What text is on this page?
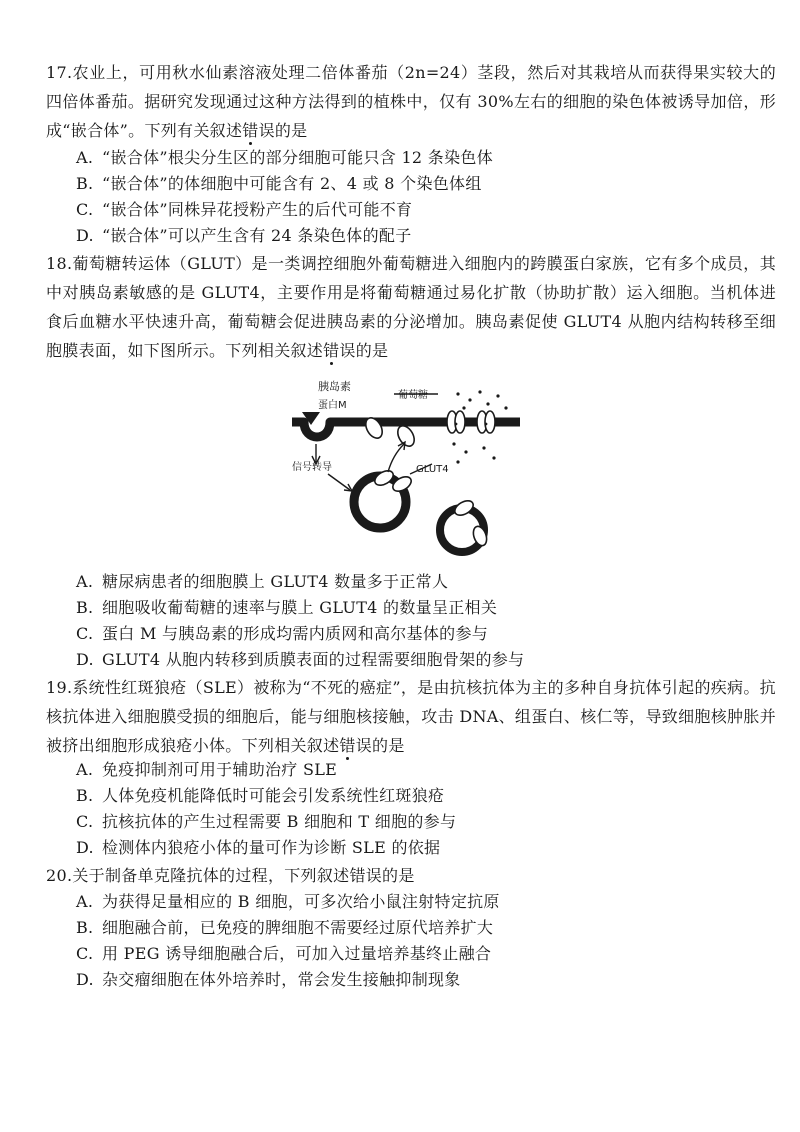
17.农业上，可用秋水仙素溶液处理二倍体番茄（2n=24）茎段，然后对其栽培从而获得果实较大的四倍体番茄。据研究发现通过这种方法得到的植株中，仅有 30%左右的细胞的染色体被诱导加倍，形成“嵌合体”。下列有关叙述错误的是
A. “嵌合体”根尖分生区的部分细胞可能只含 12 条染色体
B. “嵌合体”的体细胞中可能含有 2、4 或 8 个染色体组
C. “嵌合体”同株异花授粉产生的后代可能不育
D. “嵌合体”可以产生含有 24 条染色体的配子
18.葡萄糖转运体（GLUT）是一类调控细胞外葡萄糖进入细胞内的跨膜蛋白家族，它有多个成员，其中对胰岛素敏感的是 GLUT4，主要作用是将葡萄糖通过易化扩散（协助扩散）运入细胞。当机体进食后血糖水平快速升高，葡萄糖会促进胰岛素的分泌增加。胰岛素促使 GLUT4 从胞内结构转移至细胞膜表面，如下图所示。下列相关叙述错误的是
胰岛素
蛋白M
葡萄糖
信号转导	GLUT4
A. 糖尿病患者的细胞膜上 GLUT4 数量多于正常人
B. 细胞吸收葡萄糖的速率与膜上 GLUT4 的数量呈正相关
C. 蛋白 M 与胰岛素的形成均需内质网和高尔基体的参与
D. GLUT4 从胞内转移到质膜表面的过程需要细胞骨架的参与
19.系统性红斑狼疮（SLE）被称为“不死的癌症”，是由抗核抗体为主的多种自身抗体引起的疾病。抗核抗体进入细胞膜受损的细胞后，能与细胞核接触，攻击 DNA、组蛋白、核仁等，导致细胞核肿胀并被挤出细胞形成狼疮小体。下列相关叙述错误的是
A. 免疫抑制剂可用于辅助治疗 SLE
B. 人体免疫机能降低时可能会引发系统性红斑狼疮
C. 抗核抗体的产生过程需要 B 细胞和 T 细胞的参与
D. 检测体内狼疮小体的量可作为诊断 SLE 的依据
20.关于制备单克隆抗体的过程，下列叙述错误的是
A. 为获得足量相应的 B 细胞，可多次给小鼠注射特定抗原
B. 细胞融合前，已免疫的脾细胞不需要经过原代培养扩大
C. 用 PEG 诱导细胞融合后，可加入过量培养基终止融合
D. 杂交瘤细胞在体外培养时，常会发生接触抑制现象
